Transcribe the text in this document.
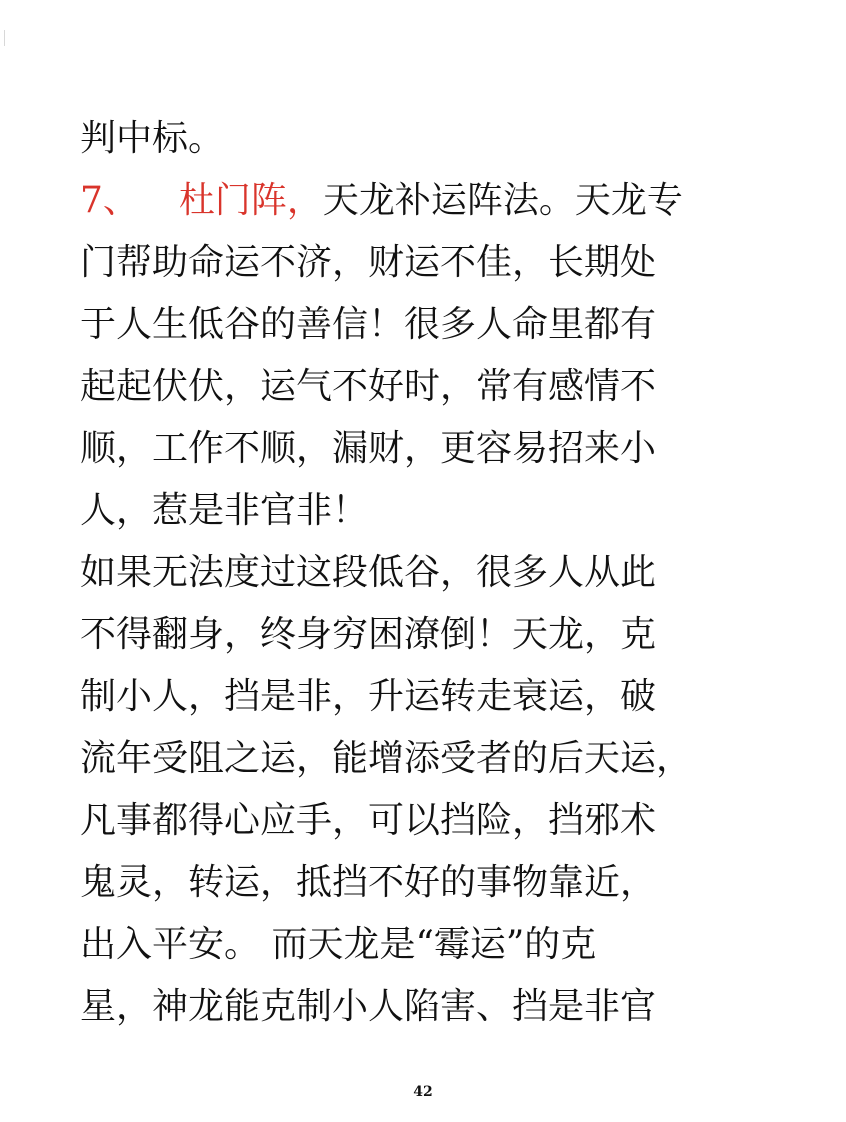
判中标。
7、 杜门阵，天龙补运阵法。天龙专
门帮助命运不济，财运不佳，长期处
于人生低谷的善信！很多人命里都有
起起伏伏，运气不好时，常有感情不
顺，工作不顺，漏财，更容易招来小
人，惹是非官非！
如果无法度过这段低谷，很多人从此
不得翻身，终身穷困潦倒！天龙，克
制小人，挡是非，升运转走衰运，破
流年受阻之运，能增添受者的后天运，
凡事都得心应手，可以挡险，挡邪术
鬼灵，转运，抵挡不好的事物靠近，
出入平安。 而天龙是“霉运”的克
星，神龙能克制小人陷害、挡是非官
42
